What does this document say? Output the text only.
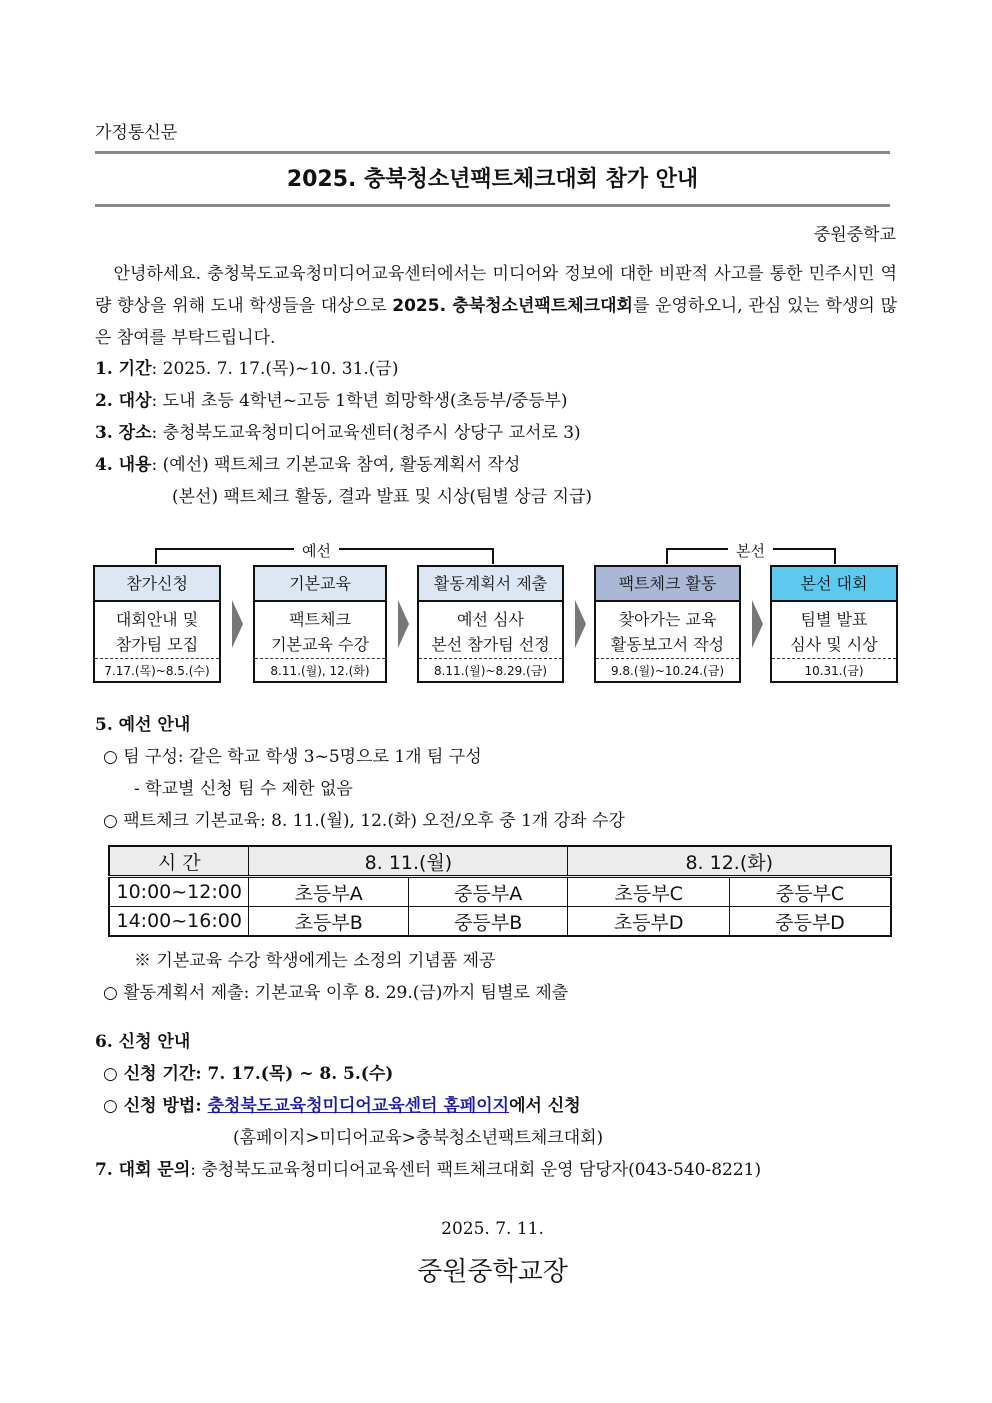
가정통신문
2025. 충북청소년팩트체크대회 참가 안내
중원중학교
안녕하세요. 충청북도교육청미디어교육센터에서는 미디어와 정보에 대한 비판적 사고를 통한 민주시민 역량 향상을 위해 도내 학생들을 대상으로 2025. 충북청소년팩트체크대회를 운영하오니, 관심 있는 학생의 많은 참여를 부탁드립니다.
1. 기간: 2025. 7. 17.(목)~10. 31.(금)
2. 대상: 도내 초등 4학년~고등 1학년 희망학생(초등부/중등부)
3. 장소: 충청북도교육청미디어교육센터(청주시 상당구 교서로 3)
4. 내용: (예선) 팩트체크 기본교육 참여, 활동계획서 작성
(본선) 팩트체크 활동, 결과 발표 및 시상(팀별 상금 지급)
예선	본선
참가신청
대회안내 및
참가팀 모집
7.17.(목)~8.5.(수)
기본교육
팩트체크
기본교육 수강
8.11.(월), 12.(화)
활동계획서 제출
예선 심사
본선 참가팀 선정
8.11.(월)~8.29.(금)
팩트체크 활동
찾아가는 교육
활동보고서 작성
9.8.(월)~10.24.(금)
본선 대회
팀별 발표
심사 및 시상
10.31.(금)
5. 예선 안내
○ 팀 구성: 같은 학교 학생 3~5명으로 1개 팀 구성
- 학교별 신청 팀 수 제한 없음
○ 팩트체크 기본교육: 8. 11.(월), 12.(화) 오전/오후 중 1개 강좌 수강
시 간	8. 11.(월)		8. 12.(화)	
10:00~12:00	초등부A	중등부A	초등부C	중등부C
14:00~16:00	초등부B	중등부B	초등부D	중등부D
※ 기본교육 수강 학생에게는 소정의 기념품 제공
○ 활동계획서 제출: 기본교육 이후 8. 29.(금)까지 팀별로 제출
6. 신청 안내
○ 신청 기간: 7. 17.(목) ~ 8. 5.(수)
○ 신청 방법: 충청북도교육청미디어교육센터 홈페이지에서 신청
(홈페이지>미디어교육>충북청소년팩트체크대회)
7. 대회 문의: 충청북도교육청미디어교육센터 팩트체크대회 운영 담당자(043-540-8221)
2025. 7. 11.
중원중학교장
